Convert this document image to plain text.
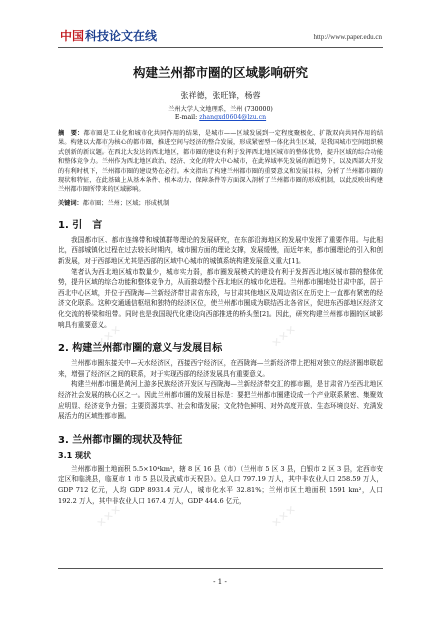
中国 科技论文在线	http://www.paper.edu.cn
构建兰州都市圈的区域影响研究
张祥德，张旺锋，杨蓉
兰州大学人文地理系，兰州 (730000)
E-mail: zhangxd0604@lzu.cn
摘　要：都市圈是工业化和城市化共同作用的结果，是城市——区域发展到一定程度聚极化、扩散双向共同作用的结果。构建以大都市为核心的都市圈，推进空间与经济的整合发展，形成紧密型一体化共生区域，是我国城市空间组织模式创新的新议题。在西北大发达的西北地区，都市圈的建设有利于发挥西北地区城市的整体优势，提升区域的综合功能和整体竞争力。兰州作为西北地区政治、经济、文化的特大中心城市，在此界域率先发展的新趋势下，以及西部大开发的有利时机下，兰州都市圈的建设势在必行。本文指出了构建兰州都市圈的重要意义和发展目标，分析了兰州都市圈的现状和特征，在此基础上从基本条件、根本动力、保障条件等方面深入剖析了兰州都市圈的形成机制，以此反映出构建兰州都市圈所带来的区域影响。
关键词：都市圈；兰州；区域；形成机制
1. 引　言

我国都市区、都市连绵带和城镇群等理论的发展研究，在东部沿海地区的发展中发挥了重要作用。与此相比，西部城镇化过程在过去较长时期内，城市圈方面的理论支撑，发展缓慢，而近年来，都市圈理论的引入和创新发展，对于西部地区尤其是西部的区域中心城市的城镇系统构建发展意义重大[1]。

笔者认为西北地区城市数量少，城市实力弱，都市圈发展模式的建设有利于发挥西北地区城市群的整体优势，提升区域的综合功能和整体竞争力，从而推动整个西北地区的城市化进程。兰州都市圈地处甘肃中部，居于西北中心区域，并位于西陇海—兰新经济带甘肃省东段，与甘肃其他地区及周边省区在历史上一直都有紧密的经济文化联系。这种交通通信枢纽和独特的经济区位，使兰州都市圈成为联结西北各省区，促进东西部地区经济文化交流的桥梁和纽带。同时也是我国现代化建设向西部推进的桥头堡[2]。因此，研究构建兰州都市圈的区域影响具有重要意义。

2. 构建兰州都市圈的意义与发展目标

兰州都市圈东接关中—天水经济区，西接西宁经济区，在西陇海—兰新经济带上把相对独立的经济圈串联起来，增强了经济区之间的联系，对于实现西部的经济发展具有重要意义。

构建兰州都市圈是黄河上游多民族经济开发区与西陇海—兰新经济带交汇的都市圈，是甘肃省乃至西北地区经济社会发展的核心区之一。因此兰州都市圈的发展目标是：要把兰州都市圈建设成一个产业联系紧密、集聚效应明显、经济竞争力强；主要资源共享、社会和谐发展；文化特色鲜明、对外高度开放、生态环境良好、充满发展活力的区域性都市圈。

3. 兰州都市圈的现状及特征
3.1 现状

兰州都市圈土地面积 5.5×10⁴km²，辖 8 区 16 县（市）（兰州市 5 区 3 县，白银市 2 区 3 县，定西市安定区和临洮县，临夏市 1 市 5 县以及武威市天祝县）。总人口 797.19 万人，其中非农业人口 258.59 万人，GDP 712 亿元，人均 GDP 8931.4 元/人，城市化水平 32.81%；兰州市区土地面积 1591 km²，人口 192.2 万人，其中非农业人口 167.4 万人，GDP 444.6 亿元，

- 1 -
✕✕✕	✕✕✕
✕✕✕	✕✕✕
✕✕✕	✕✕✕
